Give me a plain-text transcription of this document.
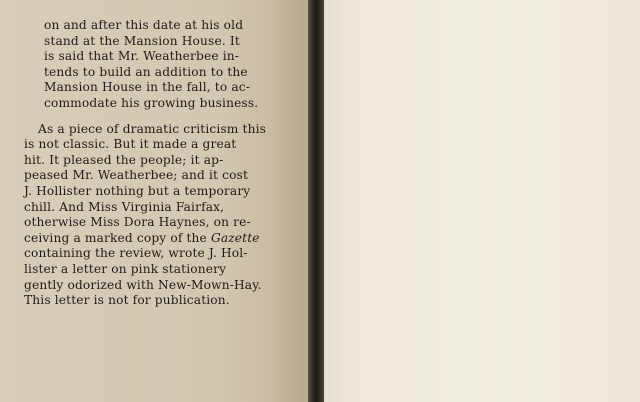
on and after this date at his old
stand at the Mansion House. It
is said that Mr. Weatherbee in-
tends to build an addition to the
Mansion House in the fall, to ac-
commodate his growing business.

As a piece of dramatic criticism this
is not classic. But it made a great
hit. It pleased the people; it ap-
peased Mr. Weatherbee; and it cost
J. Hollister nothing but a temporary
chill. And Miss Virginia Fairfax,
otherwise Miss Dora Haynes, on re-
ceiving a marked copy of the Gazette
containing the review, wrote J. Hol-
lister a letter on pink stationery
gently odorized with New-Mown-Hay.
This letter is not for publication.
